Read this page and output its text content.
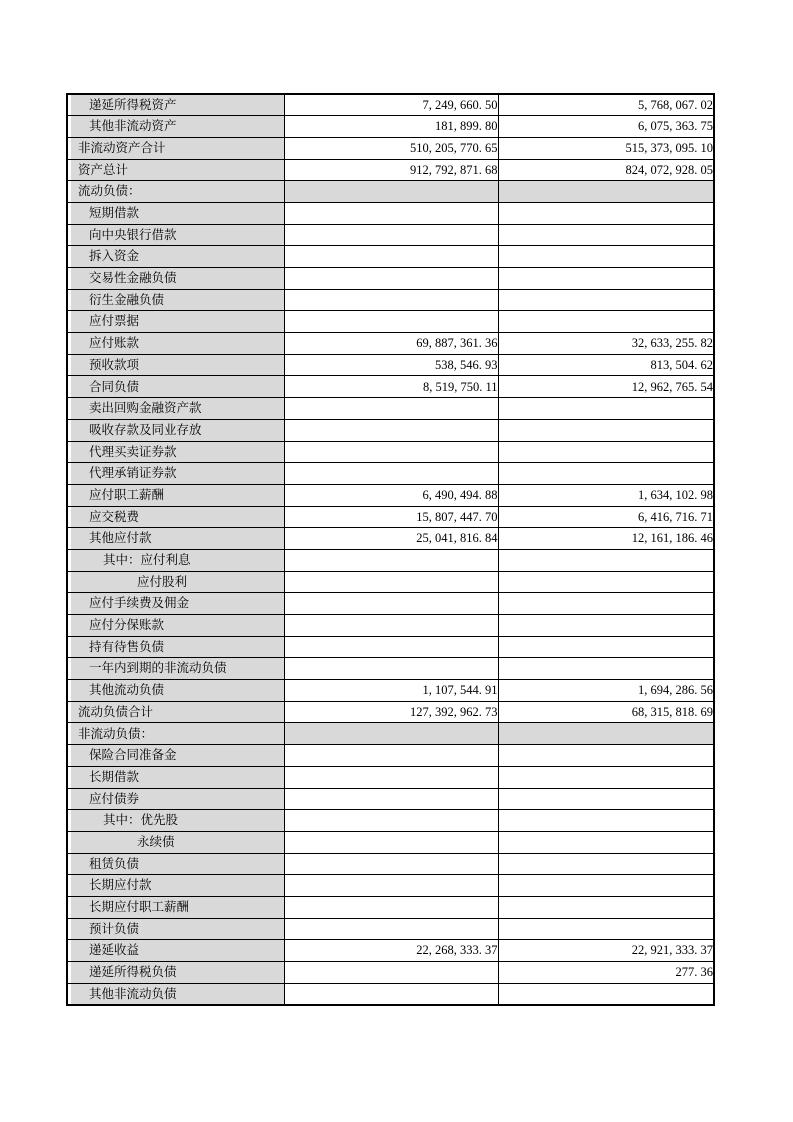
递延所得税资产	7, 249, 660. 50	5, 768, 067. 02
其他非流动资产	181, 899. 80	6, 075, 363. 75
非流动资产合计	510, 205, 770. 65	515, 373, 095. 10
资产总计	912, 792, 871. 68	824, 072, 928. 05
流动负债：		
短期借款		
向中央银行借款		
拆入资金		
交易性金融负债		
衍生金融负债		
应付票据		
应付账款	69, 887, 361. 36	32, 633, 255. 82
预收款项	538, 546. 93	813, 504. 62
合同负债	8, 519, 750. 11	12, 962, 765. 54
卖出回购金融资产款		
吸收存款及同业存放		
代理买卖证券款		
代理承销证券款		
应付职工薪酬	6, 490, 494. 88	1, 634, 102. 98
应交税费	15, 807, 447. 70	6, 416, 716. 71
其他应付款	25, 041, 816. 84	12, 161, 186. 46
其中：应付利息		
应付股利		
应付手续费及佣金		
应付分保账款		
持有待售负债		
一年内到期的非流动负债		
其他流动负债	1, 107, 544. 91	1, 694, 286. 56
流动负债合计	127, 392, 962. 73	68, 315, 818. 69
非流动负债：		
保险合同准备金		
长期借款		
应付债券		
其中：优先股		
永续债		
租赁负债		
长期应付款		
长期应付职工薪酬		
预计负债		
递延收益	22, 268, 333. 37	22, 921, 333. 37
递延所得税负债		277. 36
其他非流动负债		
